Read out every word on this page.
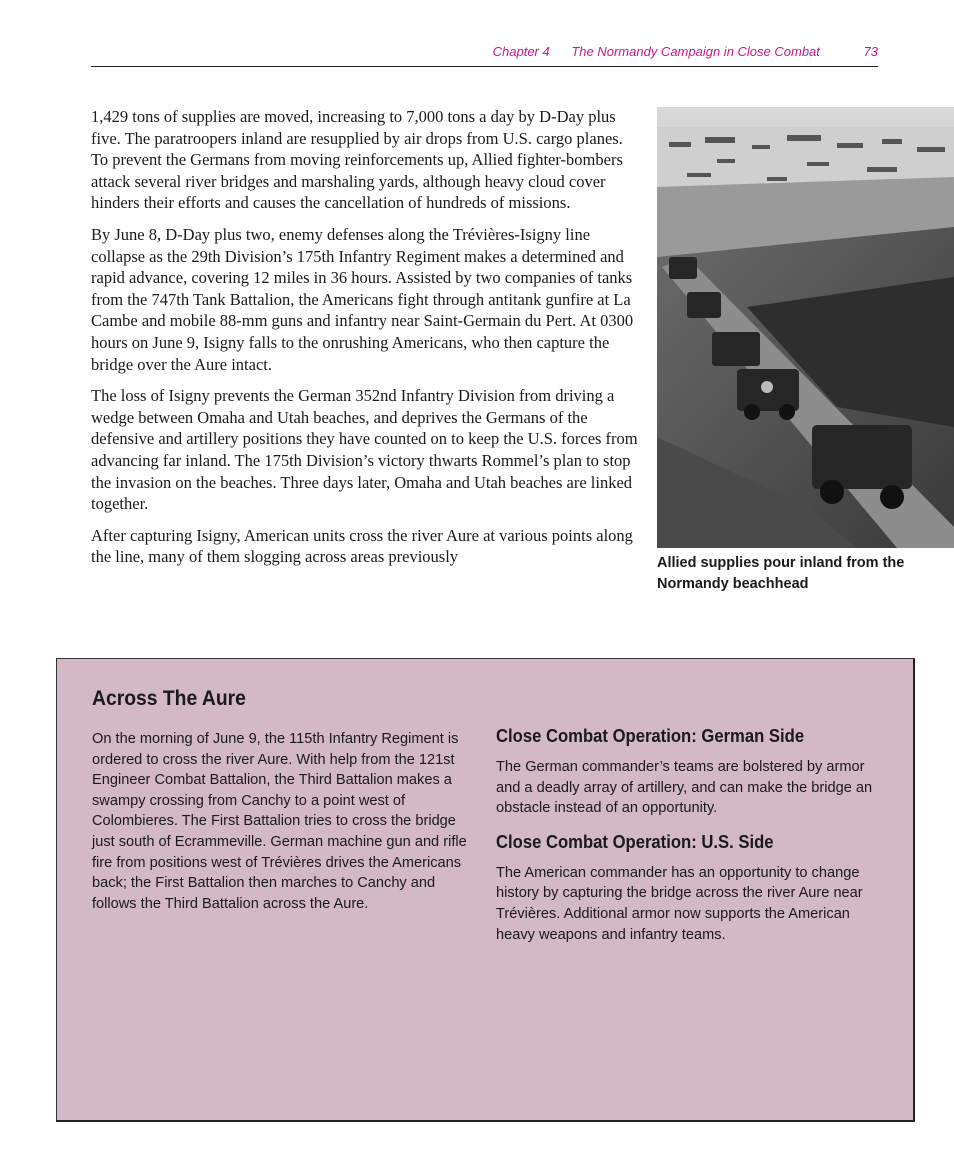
Chapter 4 The Normandy Campaign in Close Combat	73

1,429 tons of supplies are moved, increasing to 7,000 tons a day by D-Day plus five. The paratroopers inland are resupplied by air drops from U.S. cargo planes. To prevent the Germans from moving reinforcements up, Allied fighter-bombers attack several river bridges and marshaling yards, although heavy cloud cover hinders their efforts and causes the cancellation of hundreds of missions.

By June 8, D-Day plus two, enemy defenses along the Trévières-Isigny line collapse as the 29th Division’s 175th Infantry Regiment makes a determined and rapid advance, covering 12 miles in 36 hours. Assisted by two companies of tanks from the 747th Tank Battalion, the Americans fight through antitank gunfire at La Cambe and mobile 88-mm guns and infantry near Saint-Germain du Pert. At 0300 hours on June 9, Isigny falls to the onrushing Americans, who then capture the bridge over the Aure intact.

The loss of Isigny prevents the German 352nd Infantry Division from driving a wedge between Omaha and Utah beaches, and deprives the Germans of the defensive and artillery positions they have counted on to keep the U.S. forces from advancing far inland. The 175th Division’s victory thwarts Rommel’s plan to stop the invasion on the beaches. Three days later, Omaha and Utah beaches are linked together.

After capturing Isigny, American units cross the river Aure at various points along the line, many of them slogging across areas previously	Allied supplies pour inland from the Normandy beachhead
Across The Aure
On the morning of June 9, the 115th Infantry Regiment is ordered to cross the river Aure. With help from the 121st Engineer Combat Battalion, the Third Battalion makes a swampy crossing from Canchy to a point west of Colombieres. The First Battalion tries to cross the bridge just south of Ecrammeville. German machine gun and rifle fire from positions west of Trévières drives the Americans back; the First Battalion then marches to Canchy and follows the Third Battalion across the Aure.
Close Combat Operation: German Side

The German commander’s teams are bolstered by armor and a deadly array of artillery, and can make the bridge an obstacle instead of an opportunity.

Close Combat Operation: U.S. Side

The American commander has an opportunity to change history by capturing the bridge across the river Aure near Trévières. Additional armor now supports the American heavy weapons and infantry teams.
